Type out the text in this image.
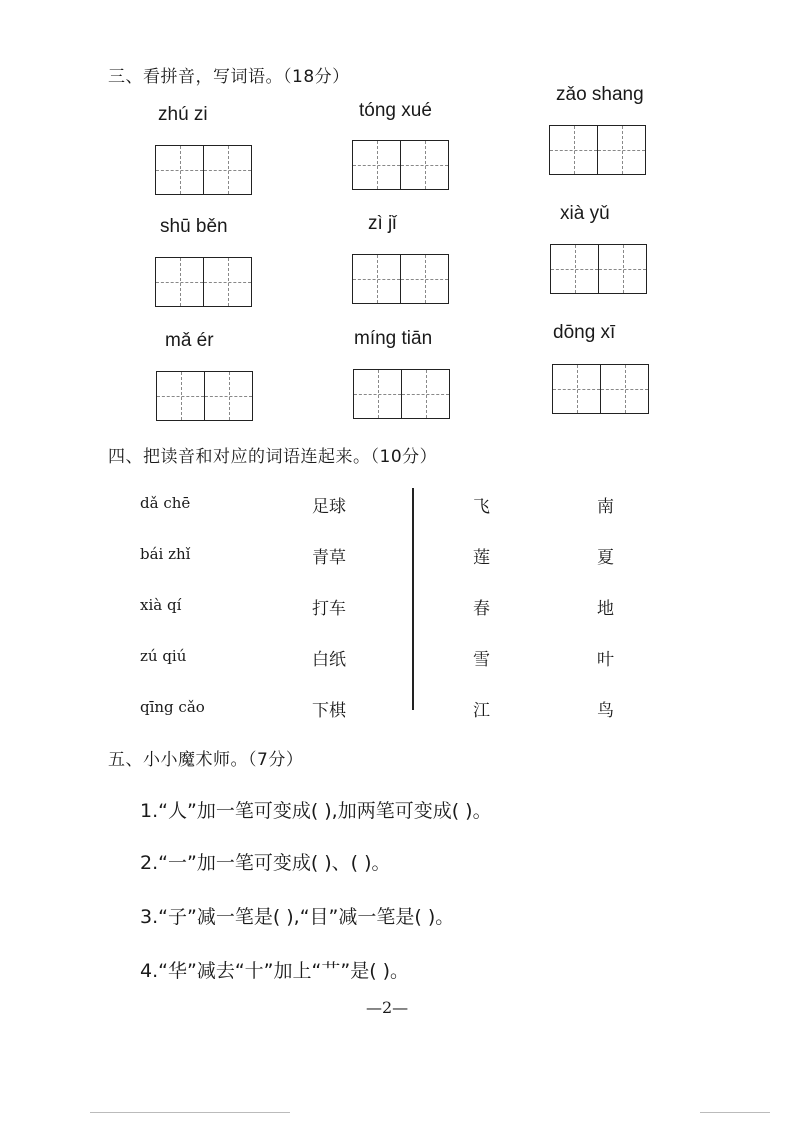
三、看拼音，写词语。（18分）
zhú zi	tóng xué
zǎo shang
shū běn	zì jǐ	xià yǔ
mǎ ér	míng tiān	dōng xī
四、把读音和对应的词语连起来。（10分）
dǎ chē
bái zhǐ
xià qí
zú qiú
qīng cǎo
足球
青草
打车
白纸
下棋
飞
莲
春
雪
江
南
夏
地
叶
鸟
五、小小魔术师。（7分）
1.“人”加一笔可变成( ),加两笔可变成( )。
2.“一”加一笔可变成( )、( )。
3.“子”减一笔是( ),“目”减一笔是( )。
4.“华”减去“十”加上“艹”是( )。
—2—
